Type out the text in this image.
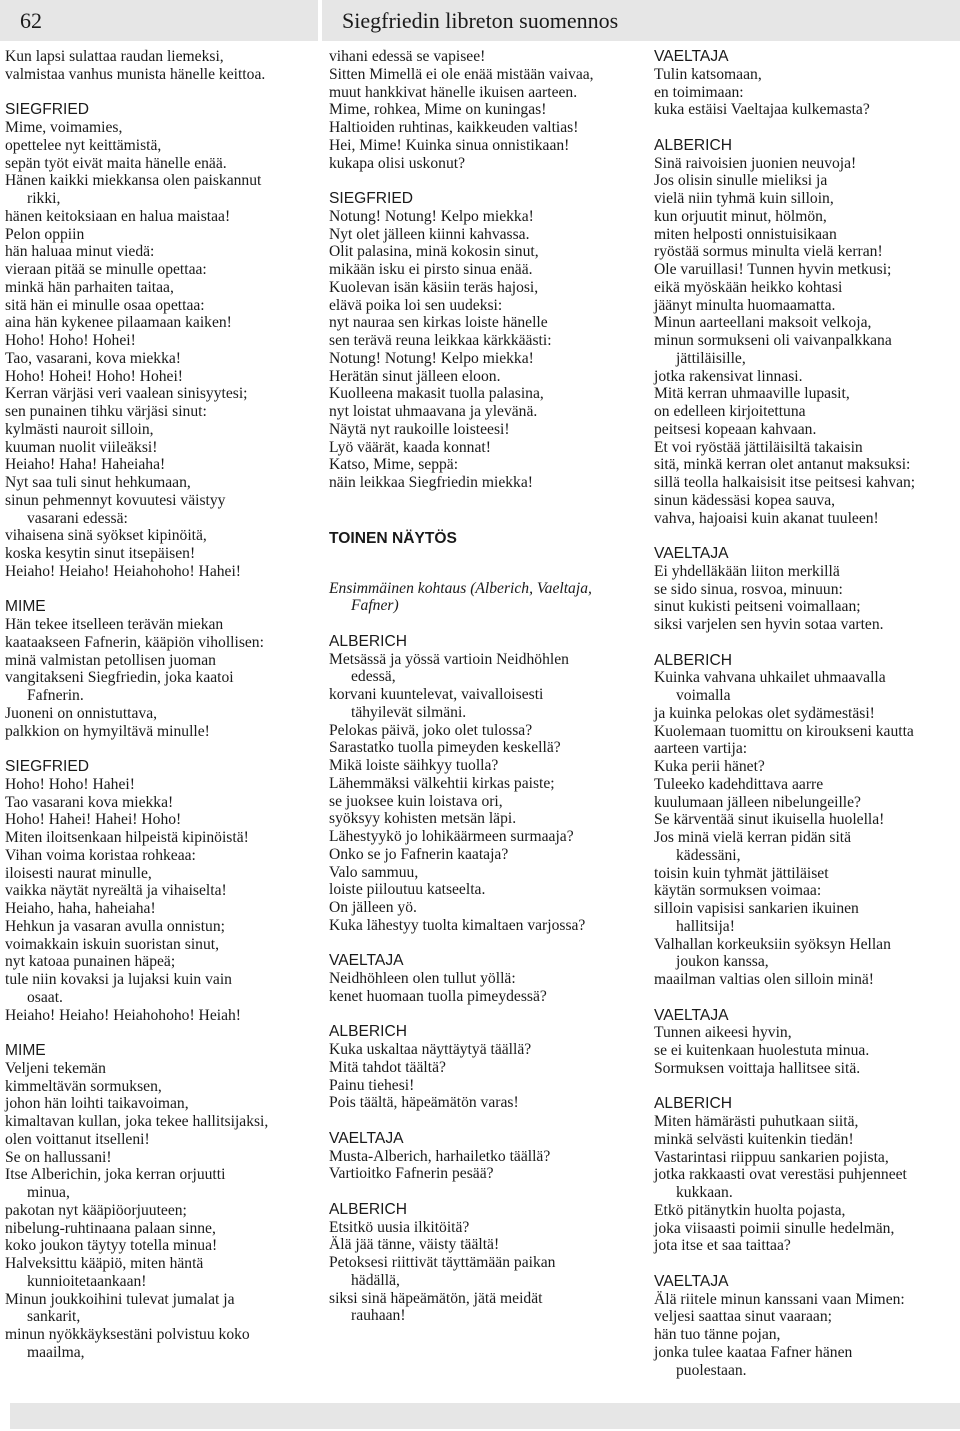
62	Siegfriedin libreton suomennos

Kun lapsi sulattaa raudan liemeksi,

valmistaa vanhus munista hänelle keittoa.

SIEGFRIED

Mime, voimamies,

opettelee nyt keittämistä,

sepän työt eivät maita hänelle enää.

Hänen kaikki miekkansa olen paiskannut

rikki,

hänen keitoksiaan en halua maistaa!

Pelon oppiin

hän haluaa minut viedä:

vieraan pitää se minulle opettaa:

minkä hän parhaiten taitaa,

sitä hän ei minulle osaa opettaa:

aina hän kykenee pilaamaan kaiken!

Hoho! Hoho! Hohei!

Tao, vasarani, kova miekka!

Hoho! Hohei! Hoho! Hohei!

Kerran värjäsi veri vaalean sinisyytesi;

sen punainen tihku värjäsi sinut:

kylmästi nauroit silloin,

kuuman nuolit viileäksi!

Heiaho! Haha! Haheiaha!

Nyt saa tuli sinut hehkumaan,

sinun pehmennyt kovuutesi väistyy

vasarani edessä:

vihaisena sinä syökset kipinöitä,

koska kesytin sinut itsepäisen!

Heiaho! Heiaho! Heiahohoho! Hahei!

MIME

Hän tekee itselleen terävän miekan

kaataakseen Fafnerin, kääpiön vihollisen:

minä valmistan petollisen juoman

vangitakseni Siegfriedin, joka kaatoi

Fafnerin.

Juoneni on onnistuttava,

palkkion on hymyiltävä minulle!

SIEGFRIED

Hoho! Hoho! Hahei!

Tao vasarani kova miekka!

Hoho! Hahei! Hahei! Hoho!

Miten iloitsenkaan hilpeistä kipinöistä!

Vihan voima koristaa rohkeaa:

iloisesti naurat minulle,

vaikka näytät nyreältä ja vihaiselta!

Heiaho, haha, haheiaha!

Hehkun ja vasaran avulla onnistun;

voimakkain iskuin suoristan sinut,

nyt katoaa punainen häpeä;

tule niin kovaksi ja lujaksi kuin vain

osaat.

Heiaho! Heiaho! Heiahohoho! Heiah!

MIME

Veljeni tekemän

kimmeltävän sormuksen,

johon hän loihti taikavoiman,

kimaltavan kullan, joka tekee hallitsijaksi,

olen voittanut itselleni!

Se on hallussani!

Itse Alberichin, joka kerran orjuutti

minua,

pakotan nyt kääpiöorjuuteen;

nibelung-ruhtinaana palaan sinne,

koko joukon täytyy totella minua!

Halveksittu kääpiö, miten häntä

kunnioitetaankaan!

Minun joukkoihini tulevat jumalat ja

sankarit,

minun nyökkäyksestäni polvistuu koko

maailma,

vihani edessä se vapisee!

Sitten Mimellä ei ole enää mistään vaivaa,

muut hankkivat hänelle ikuisen aarteen.

Mime, rohkea, Mime on kuningas!

Haltioiden ruhtinas, kaikkeuden valtias!

Hei, Mime! Kuinka sinua onnistikaan!

kukapa olisi uskonut?

SIEGFRIED

Notung! Notung! Kelpo miekka!

Nyt olet jälleen kiinni kahvassa.

Olit palasina, minä kokosin sinut,

mikään isku ei pirsto sinua enää.

Kuolevan isän käsiin teräs hajosi,

elävä poika loi sen uudeksi:

nyt nauraa sen kirkas loiste hänelle

sen terävä reuna leikkaa kärkkäästi:

Notung! Notung! Kelpo miekka!

Herätän sinut jälleen eloon.

Kuolleena makasit tuolla palasina,

nyt loistat uhmaavana ja ylevänä.

Näytä nyt raukoille loisteesi!

Lyö väärät, kaada konnat!

Katso, Mime, seppä:

näin leikkaa Siegfriedin miekka!

TOINEN NÄYTÖS

Ensimmäinen kohtaus (Alberich, Vaeltaja,

Fafner)

ALBERICH

Metsässä ja yössä vartioin Neidhöhlen

edessä,

korvani kuuntelevat, vaivalloisesti

tähyilevät silmäni.

Pelokas päivä, joko olet tulossa?

Sarastatko tuolla pimeyden keskellä?

Mikä loiste säihkyy tuolla?

Lähemmäksi välkehtii kirkas paiste;

se juoksee kuin loistava ori,

syöksyy kohisten metsän läpi.

Lähestyykö jo lohikäärmeen surmaaja?

Onko se jo Fafnerin kaataja?

Valo sammuu,

loiste piiloutuu katseelta.

On jälleen yö.

Kuka lähestyy tuolta kimaltaen varjossa?

VAELTAJA

Neidhöhleen olen tullut yöllä:

kenet huomaan tuolla pimeydessä?

ALBERICH

Kuka uskaltaa näyttäytyä täällä?

Mitä tahdot täältä?

Painu tiehesi!

Pois täältä, häpeämätön varas!

VAELTAJA

Musta-Alberich, harhailetko täällä?

Vartioitko Fafnerin pesää?

ALBERICH

Etsitkö uusia ilkitöitä?

Älä jää tänne, väisty täältä!

Petoksesi riittivät täyttämään paikan

hädällä,

siksi sinä häpeämätön, jätä meidät

rauhaan!

VAELTAJA

Tulin katsomaan,

en toimimaan:

kuka estäisi Vaeltajaa kulkemasta?

ALBERICH

Sinä raivoisien juonien neuvoja!

Jos olisin sinulle mieliksi ja

vielä niin tyhmä kuin silloin,

kun orjuutit minut, hölmön,

miten helposti onnistuisikaan

ryöstää sormus minulta vielä kerran!

Ole varuillasi! Tunnen hyvin metkusi;

eikä myöskään heikko kohtasi

jäänyt minulta huomaamatta.

Minun aarteellani maksoit velkoja,

minun sormukseni oli vaivanpalkkana

jättiläisille,

jotka rakensivat linnasi.

Mitä kerran uhmaaville lupasit,

on edelleen kirjoitettuna

peitsesi kopeaan kahvaan.

Et voi ryöstää jättiläisiltä takaisin

sitä, minkä kerran olet antanut maksuksi:

sillä teolla halkaisisit itse peitsesi kahvan;

sinun kädessäsi kopea sauva,

vahva, hajoaisi kuin akanat tuuleen!

VAELTAJA

Ei yhdelläkään liiton merkillä

se sido sinua, rosvoa, minuun:

sinut kukisti peitseni voimallaan;

siksi varjelen sen hyvin sotaa varten.

ALBERICH

Kuinka vahvana uhkailet uhmaavalla

voimalla

ja kuinka pelokas olet sydämestäsi!

Kuolemaan tuomittu on kiroukseni kautta

aarteen vartija:

Kuka perii hänet?

Tuleeko kadehdittava aarre

kuulumaan jälleen nibelungeille?

Se kärventää sinut ikuisella huolella!

Jos minä vielä kerran pidän sitä

kädessäni,

toisin kuin tyhmät jättiläiset

käytän sormuksen voimaa:

silloin vapisisi sankarien ikuinen

hallitsija!

Valhallan korkeuksiin syöksyn Hellan

joukon kanssa,

maailman valtias olen silloin minä!

VAELTAJA

Tunnen aikeesi hyvin,

se ei kuitenkaan huolestuta minua.

Sormuksen voittaja hallitsee sitä.

ALBERICH

Miten hämärästi puhutkaan siitä,

minkä selvästi kuitenkin tiedän!

Vastarintasi riippuu sankarien pojista,

jotka rakkaasti ovat verestäsi puhjenneet

kukkaan.

Etkö pitänytkin huolta pojasta,

joka viisaasti poimii sinulle hedelmän,

jota itse et saa taittaa?

VAELTAJA

Älä riitele minun kanssani vaan Mimen:

veljesi saattaa sinut vaaraan;

hän tuo tänne pojan,

jonka tulee kaataa Fafner hänen

puolestaan.
